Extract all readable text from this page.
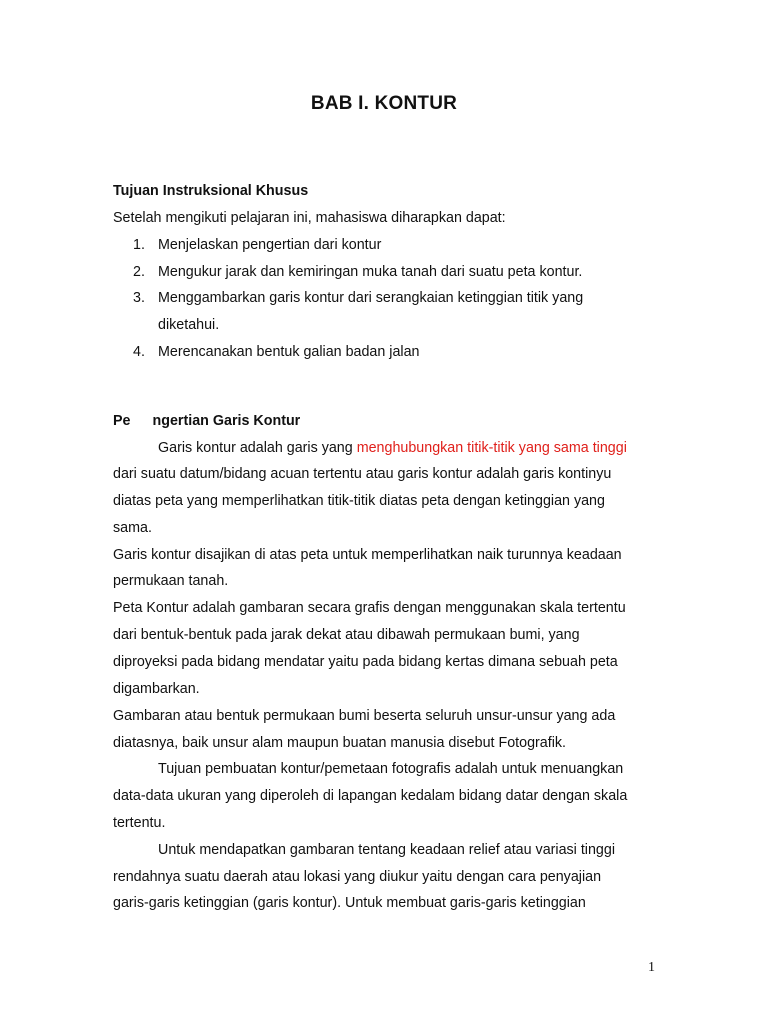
BAB I. KONTUR
Tujuan Instruksional Khusus
Setelah mengikuti pelajaran ini, mahasiswa diharapkan dapat:
1. Menjelaskan pengertian dari kontur
2. Mengukur jarak dan kemiringan muka tanah dari suatu peta kontur.
3. Menggambarkan garis kontur dari serangkaian ketinggian titik yang
diketahui.
4. Merencanakan bentuk galian badan jalan
Pe ngertian Garis Kontur
Garis kontur adalah garis yang menghubungkan titik-titik yang sama tinggi
dari suatu datum/bidang acuan tertentu atau garis kontur adalah garis kontinyu
diatas peta yang memperlihatkan titik-titik diatas peta dengan ketinggian yang
sama.
Garis kontur disajikan di atas peta untuk memperlihatkan naik turunnya keadaan
permukaan tanah.
Peta Kontur adalah gambaran secara grafis dengan menggunakan skala tertentu
dari bentuk-bentuk pada jarak dekat atau dibawah permukaan bumi, yang
diproyeksi pada bidang mendatar yaitu pada bidang kertas dimana sebuah peta
digambarkan.
Gambaran atau bentuk permukaan bumi beserta seluruh unsur-unsur yang ada
diatasnya, baik unsur alam maupun buatan manusia disebut Fotografik.
Tujuan pembuatan kontur/pemetaan fotografis adalah untuk menuangkan
data-data ukuran yang diperoleh di lapangan kedalam bidang datar dengan skala
tertentu.
Untuk mendapatkan gambaran tentang keadaan relief atau variasi tinggi
rendahnya suatu daerah atau lokasi yang diukur yaitu dengan cara penyajian
garis-garis ketinggian (garis kontur). Untuk membuat garis-garis ketinggian
1
